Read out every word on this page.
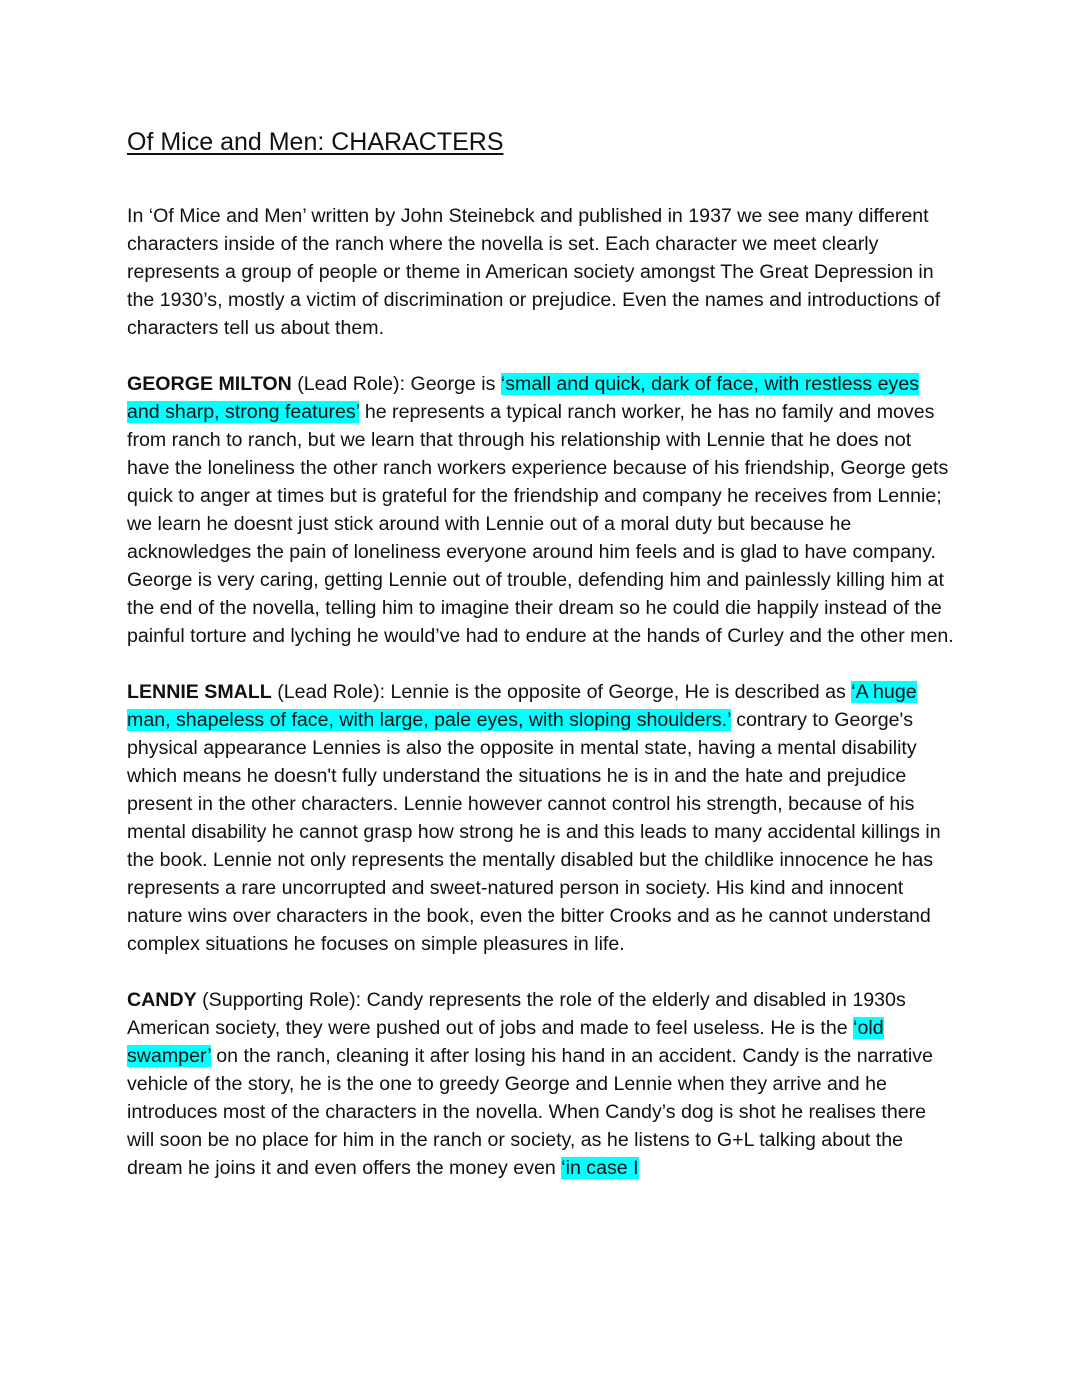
Of Mice and Men: CHARACTERS

In ‘Of Mice and Men’ written by John Steinebck and published in 1937 we see many different characters inside of the ranch where the novella is set. Each character we meet clearly represents a group of people or theme in American society amongst The Great Depression in the 1930’s, mostly a victim of discrimination or prejudice. Even the names and introductions of characters tell us about them.

GEORGE MILTON (Lead Role): George is ‘small and quick, dark of face, with restless eyes and sharp, strong features’ he represents a typical ranch worker, he has no family and moves from ranch to ranch, but we learn that through his relationship with Lennie that he does not have the loneliness the other ranch workers experience because of his friendship, George gets quick to anger at times but is grateful for the friendship and company he receives from Lennie; we learn he doesnt just stick around with Lennie out of a moral duty but because he acknowledges the pain of loneliness everyone around him feels and is glad to have company. George is very caring, getting Lennie out of trouble, defending him and painlessly killing him at the end of the novella, telling him to imagine their dream so he could die happily instead of the painful torture and lyching he would’ve had to endure at the hands of Curley and the other men.

LENNIE SMALL (Lead Role): Lennie is the opposite of George, He is described as ‘A huge man, shapeless of face, with large, pale eyes, with sloping shoulders.’ contrary to George's physical appearance Lennies is also the opposite in mental state, having a mental disability which means he doesn't fully understand the situations he is in and the hate and prejudice present in the other characters. Lennie however cannot control his strength, because of his mental disability he cannot grasp how strong he is and this leads to many accidental killings in the book. Lennie not only represents the mentally disabled but the childlike innocence he has represents a rare uncorrupted and sweet-natured person in society. His kind and innocent nature wins over characters in the book, even the bitter Crooks and as he cannot understand complex situations he focuses on simple pleasures in life.

CANDY (Supporting Role): Candy represents the role of the elderly and disabled in 1930s American society, they were pushed out of jobs and made to feel useless. He is the ‘old swamper’ on the ranch, cleaning it after losing his hand in an accident. Candy is the narrative vehicle of the story, he is the one to greedy George and Lennie when they arrive and he introduces most of the characters in the novella. When Candy’s dog is shot he realises there will soon be no place for him in the ranch or society, as he listens to G+L talking about the dream he joins it and even offers the money even ‘in case I
